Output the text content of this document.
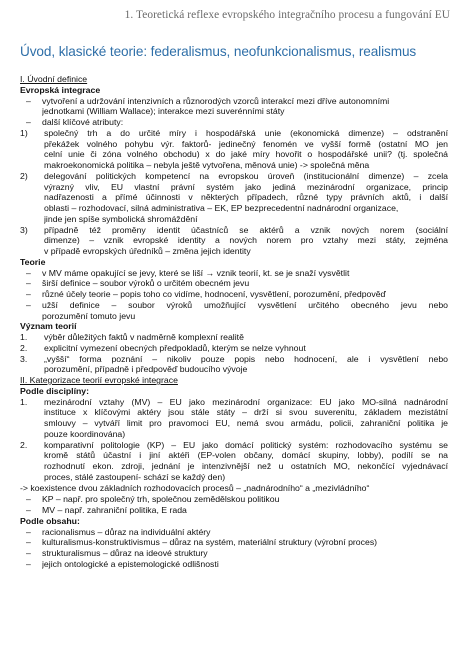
1. Teoretická reflexe evropského integračního procesu a fungování EU
Úvod, klasické teorie: federalismus, neofunkcionalismus, realismus
I. Úvodní definice
Evropská integrace
–	vytvoření a udržování intenzivních a různorodých vzorců interakcí mezi dříve autonomními
jednotkami (William Wallace); interakce mezi suverénními státy
–	další klíčové atributy:
1)	společný trh a do určité míry i hospodářská unie (ekonomická dimenze) – odstranění
překážek volného pohybu výr. faktorů- jedinečný fenomén ve vyšší formě (ostatní MO jen
celní unie či zóna volného obchodu) x do jaké míry hovořit o hospodářské unii? (tj. společná
makroekonomická politika – nebyla ještě vytvořena, měnová unie) -> společná měna
2)	delegování politických kompetencí na evropskou úroveň (institucionální dimenze) – zcela
výrazný vliv, EU vlastní právní systém jako jediná mezinárodní organizace, princip
nadřazenosti a přímé účinnosti v některých případech, různé typy právních aktů, i další
oblasti – rozhodovací, silná administrativa – EK, EP bezprecedentní nadnárodní organizace,
jinde jen spíše symbolická shromáždění
3)	případně též proměny identit účastníců se aktérů a vznik nových norem (sociální
dimenze) – vznik evropské identity a nových norem pro vztahy mezi státy, zejména
v případě evropských úředníků – změna jejich identity
Teorie
–	v MV máme opakující se jevy, které se liší → vznik teorií, kt. se je snaží vysvětlit
–	širší definice – soubor výroků o určitém obecném jevu
–	různé účely teorie – popis toho co vidíme, hodnocení, vysvětlení, porozumění, předpověď
–	užší definice – soubor výroků umožňující vysvětlení určitého obecného jevu nebo
porozumění tomuto jevu
Význam teorií
1.	výběr důležitých faktů v nadměrně komplexní realitě
2.	explicitní vymezení obecných předpokladů, kterým se nelze vyhnout
3.	„vyšší“ forma poznání – nikoliv pouze popis nebo hodnocení, ale i vysvětlení nebo
porozumění, případně i předpověď budoucího vývoje
II. Kategorizace teorií evropské integrace
Podle disciplíny:
1.	mezinárodní vztahy (MV) – EU jako mezinárodní organizace: EU jako MO-silná nadnárodní
instituce x klíčovými aktéry jsou stále státy – drží si svou suverenitu, základem mezistátní
smlouvy – vytváří limit pro pravomoci EU, nemá svou armádu, policii, zahraniční politika je
pouze koordinována)
2.	komparativní politologie (KP) – EU jako domácí politický systém: rozhodovacího systému se
kromě států účastní i jiní aktéři (EP-volen občany, domácí skupiny, lobby), podílí se na
rozhodnutí ekon. zdroji, jednání je intenzivnější než u ostatních MO, nekončící vyjednávací
proces, stálé zastoupení- schází se každý den)
-> koexistence dvou základních rozhodovacích procesů – „nadnárodního“ a „mezivládního“
–	KP – např. pro společný trh, společnou zemědělskou politikou
–	MV – např. zahraniční politika, E rada
Podle obsahu:
–	racionalismus – důraz na individuální aktéry
–	kulturalismus-konstruktivismus – důraz na systém, materiální struktury (výrobní proces)
–	strukturalismus – důraz na ideové struktury
–	jejich ontologické a epistemologické odlišnosti
